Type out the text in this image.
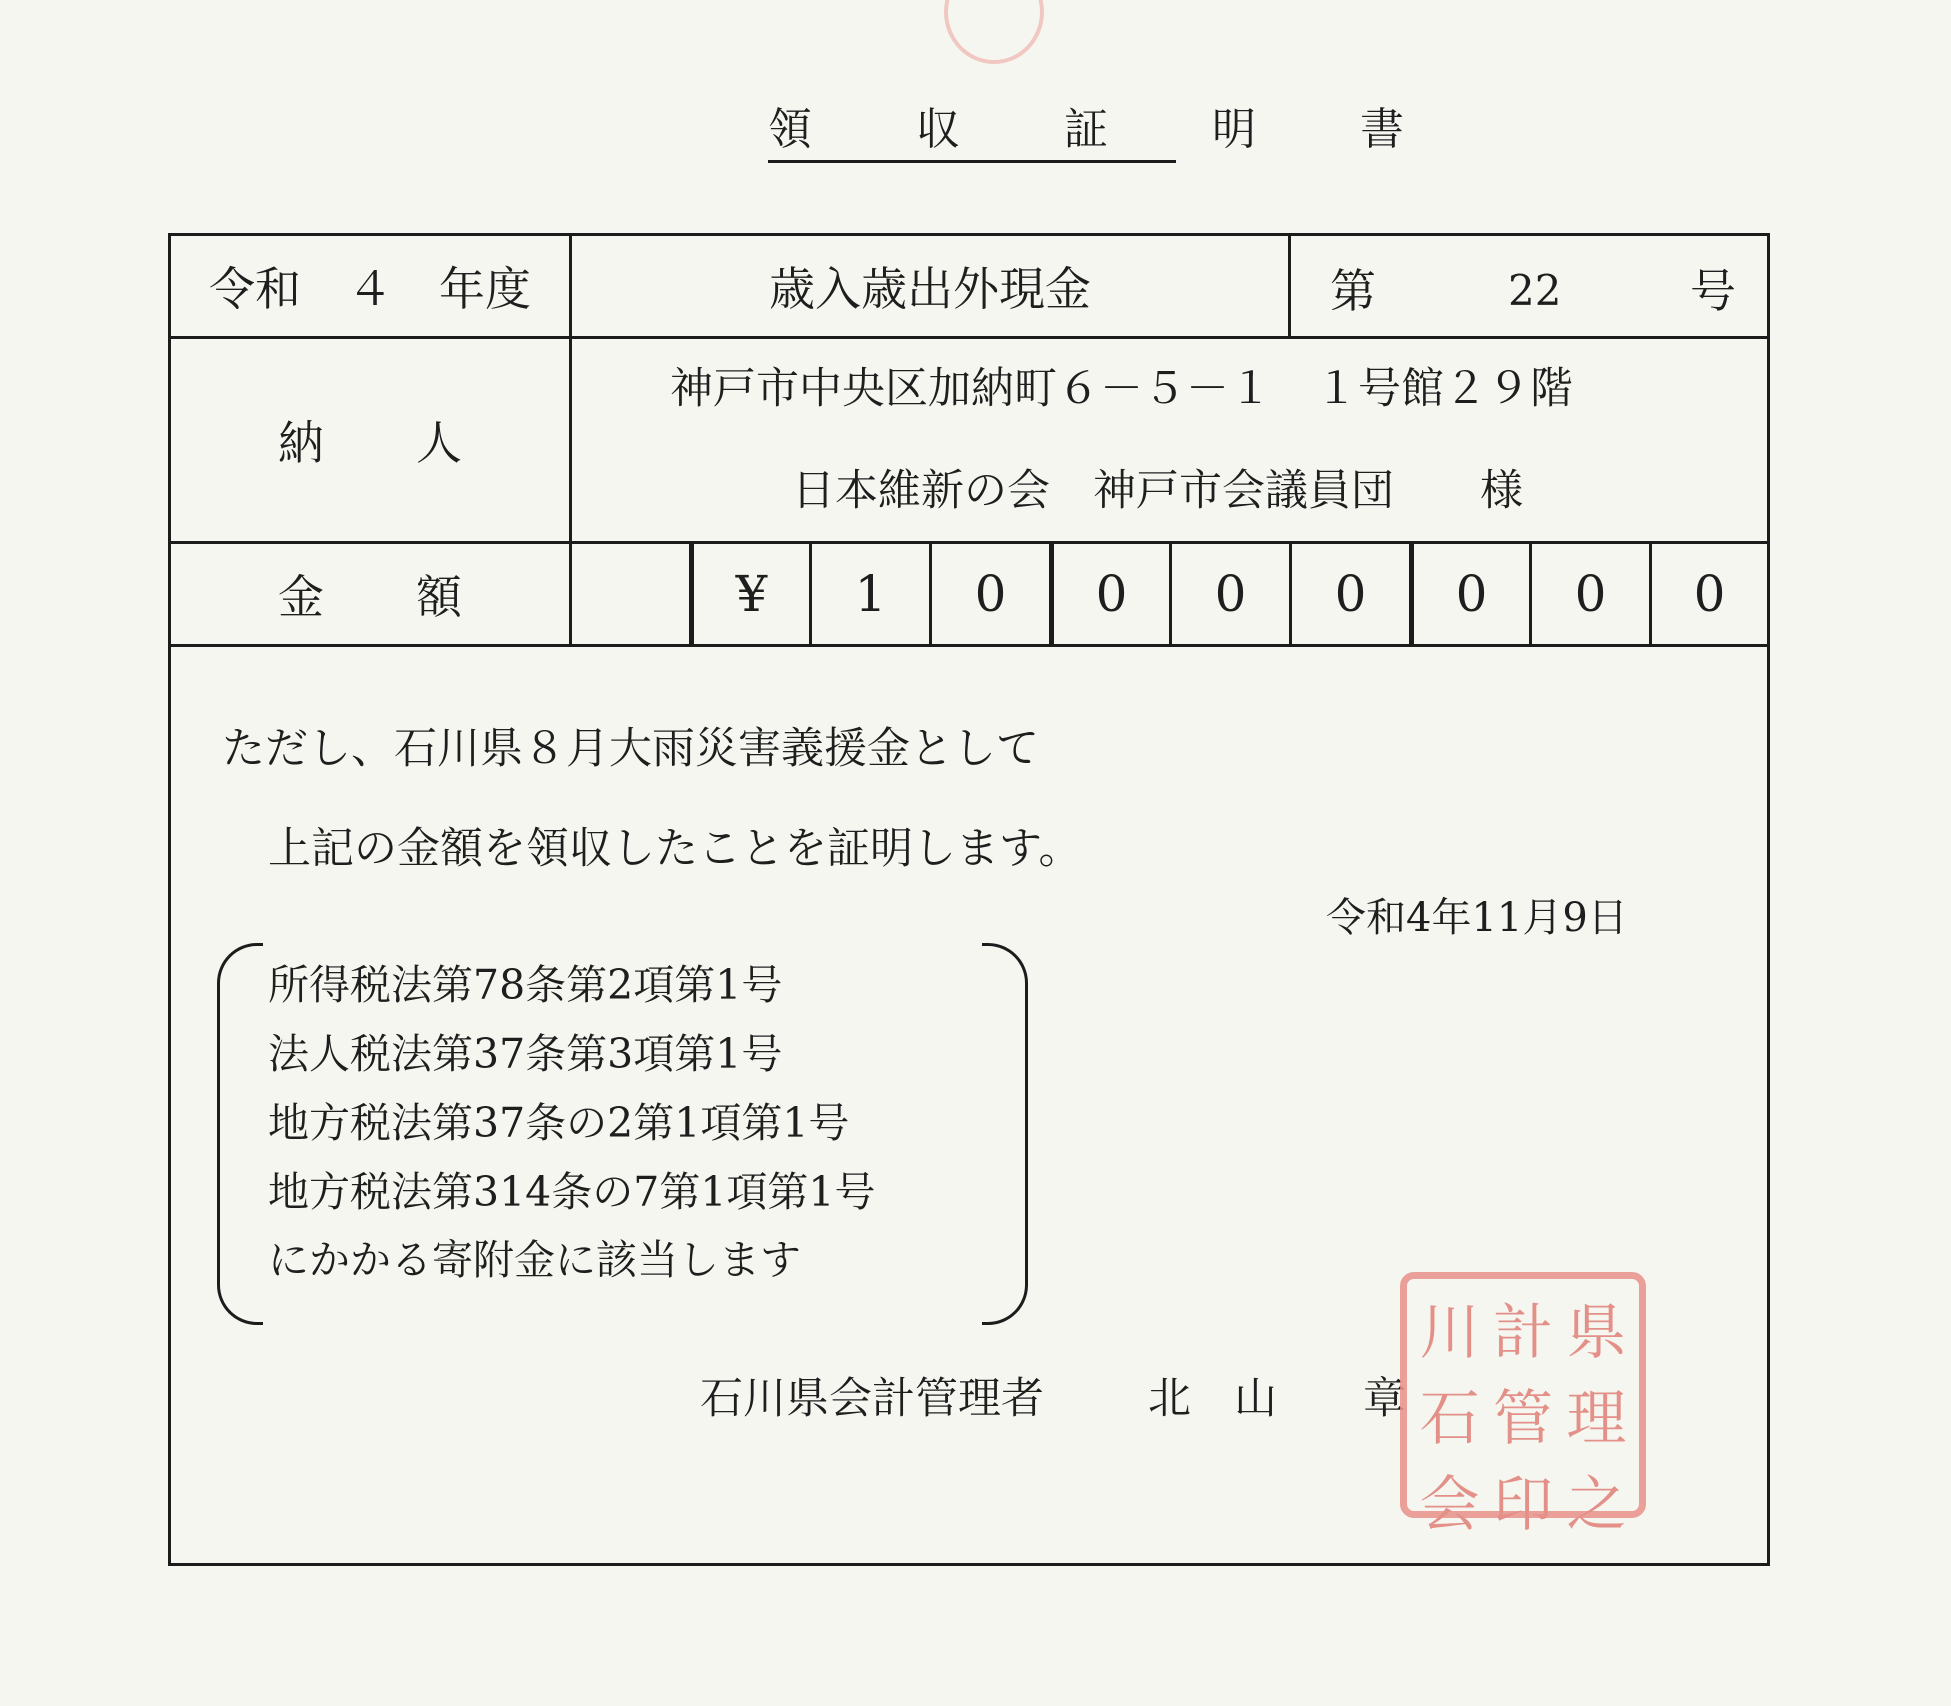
領　収　証　明　書
令和　４　年度	歳入歳出外現金	第	22	号
納　　人
神戸市中央区加納町６－５－１　１号館２９階
日本維新の会　神戸市会議員団　　様
金　　額	¥	1	0	0	0	0	0	0	0
ただし、石川県８月大雨災害義援金として
上記の金額を領収したことを証明します。
令和4年11月9日
所得税法第78条第2項第1号
法人税法第37条第3項第1号
地方税法第37条の2第1項第1号
地方税法第314条の7第1項第1号
にかかる寄附金に該当します
石川県会計管理者 北　山　　章
川 計 県
石 管 理
会 印 之
